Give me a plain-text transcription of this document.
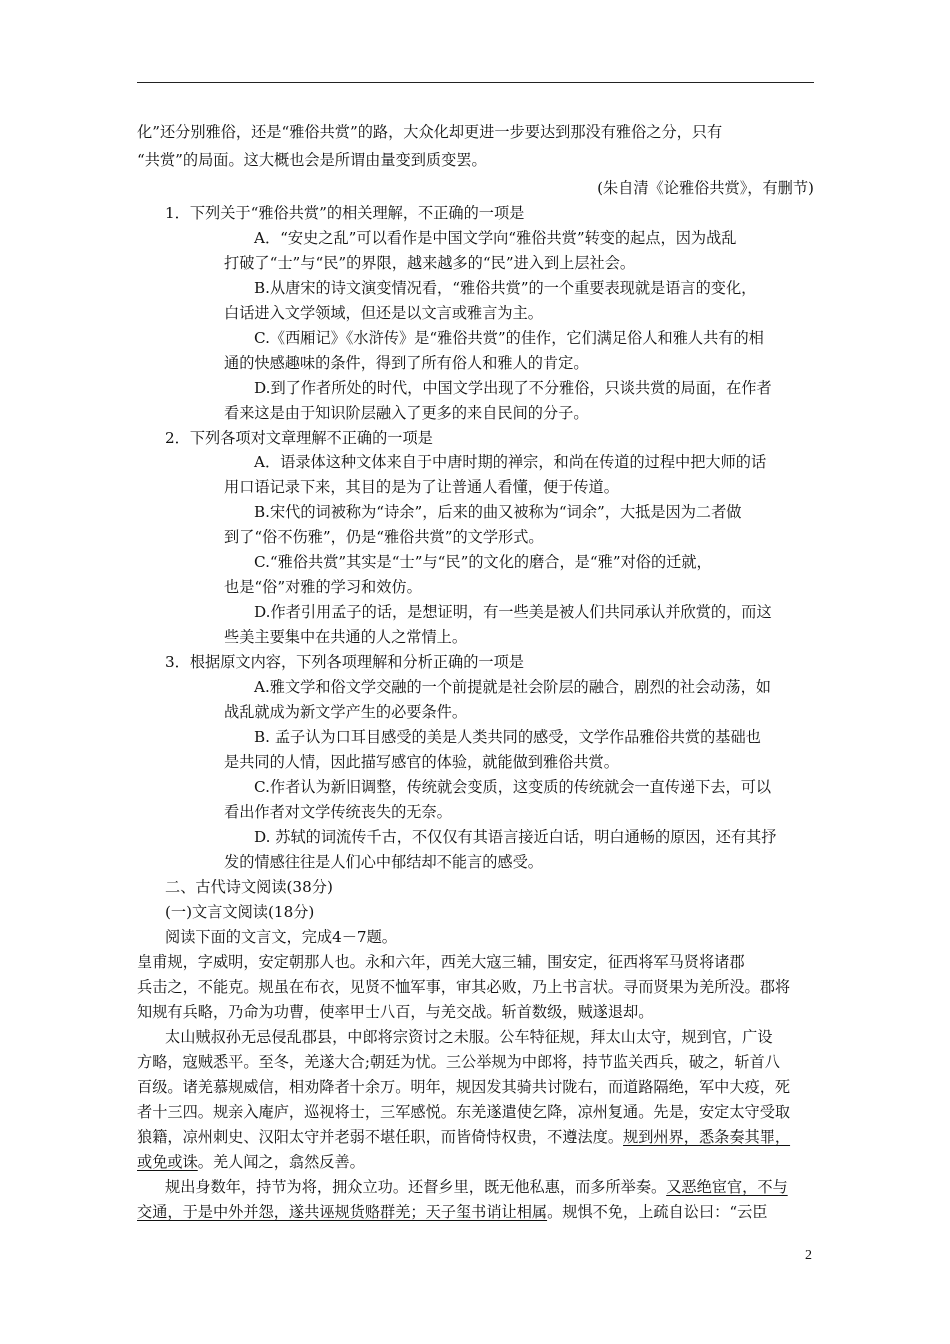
化”还分别雅俗，还是“雅俗共赏”的路，大众化却更进一步要达到那没有雅俗之分，只有
“共赏”的局面。这大概也会是所谓由量变到质变罢。
(朱自清《论雅俗共赏》，有删节)
1．下列关于“雅俗共赏”的相关理解，不正确的一项是
A．“安史之乱”可以看作是中国文学向“雅俗共赏”转变的起点，因为战乱
打破了“士”与“民”的界限，越来越多的“民”进入到上层社会。
B.从唐宋的诗文演变情况看，“雅俗共赏”的一个重要表现就是语言的变化，
白话进入文学领域，但还是以文言或雅言为主。
C.《西厢记》《水浒传》是“雅俗共赏”的佳作，它们满足俗人和雅人共有的相
通的快感趣味的条件，得到了所有俗人和雅人的肯定。
D.到了作者所处的时代，中国文学出现了不分雅俗，只谈共赏的局面，在作者
看来这是由于知识阶层融入了更多的来自民间的分子。
2．下列各项对文章理解不正确的一项是
A．语录体这种文体来自于中唐时期的禅宗，和尚在传道的过程中把大师的话
用口语记录下来，其目的是为了让普通人看懂，便于传道。
B.宋代的词被称为“诗余”，后来的曲又被称为“词余”，大抵是因为二者做
到了“俗不伤雅”，仍是“雅俗共赏”的文学形式。
C.“雅俗共赏”其实是“士”与“民”的文化的磨合，是“雅”对俗的迁就，
也是“俗”对雅的学习和效仿。
D.作者引用孟子的话，是想证明，有一些美是被人们共同承认并欣赏的，而这
些美主要集中在共通的人之常情上。
3．根据原文内容，下列各项理解和分析正确的一项是
A.雅文学和俗文学交融的一个前提就是社会阶层的融合，剧烈的社会动荡，如
战乱就成为新文学产生的必要条件。
B. 孟子认为口耳目感受的美是人类共同的感受，文学作品雅俗共赏的基础也
是共同的人情，因此描写感官的体验，就能做到雅俗共赏。
C.作者认为新旧调整，传统就会变质，这变质的传统就会一直传递下去，可以
看出作者对文学传统丧失的无奈。
D. 苏轼的词流传千古，不仅仅有其语言接近白话，明白通畅的原因，还有其抒
发的情感往往是人们心中郁结却不能言的感受。
二、古代诗文阅读(38分)
(一)文言文阅读(18分)
阅读下面的文言文，完成4－7题。
皇甫规，字威明，安定朝那人也。永和六年，西羌大寇三辅，围安定，征西将军马贤将诸郡
兵击之，不能克。规虽在布衣，见贤不恤军事，审其必败，乃上书言状。寻而贤果为羌所没。郡将
知规有兵略，乃命为功曹，使率甲士八百，与羌交战。斩首数级，贼遂退却。
太山贼叔孙无忌侵乱郡县，中郎将宗资讨之未服。公车特征规，拜太山太守，规到官，广设
方略，寇贼悉平。至冬，羌遂大合;朝廷为忧。三公举规为中郎将，持节监关西兵，破之，斩首八
百级。诸羌慕规威信，相劝降者十余万。明年，规因发其骑共讨陇右，而道路隔绝，军中大疫，死
者十三四。规亲入庵庐，巡视将士，三军感悦。东羌遂遣使乞降，凉州复通。先是，安定太守受取
狼籍，凉州刺史、汉阳太守并老弱不堪任职，而皆倚恃权贵，不遵法度。规到州界，悉条奏其罪，
或免或诛。羌人闻之，翕然反善。
规出身数年，持节为将，拥众立功。还督乡里，既无他私惠，而多所举奏。又恶绝宦官，不与
交通，于是中外并怨，遂共诬规货赂群羌；天子玺书诮让相属。规惧不免，上疏自讼曰：“云臣
2
